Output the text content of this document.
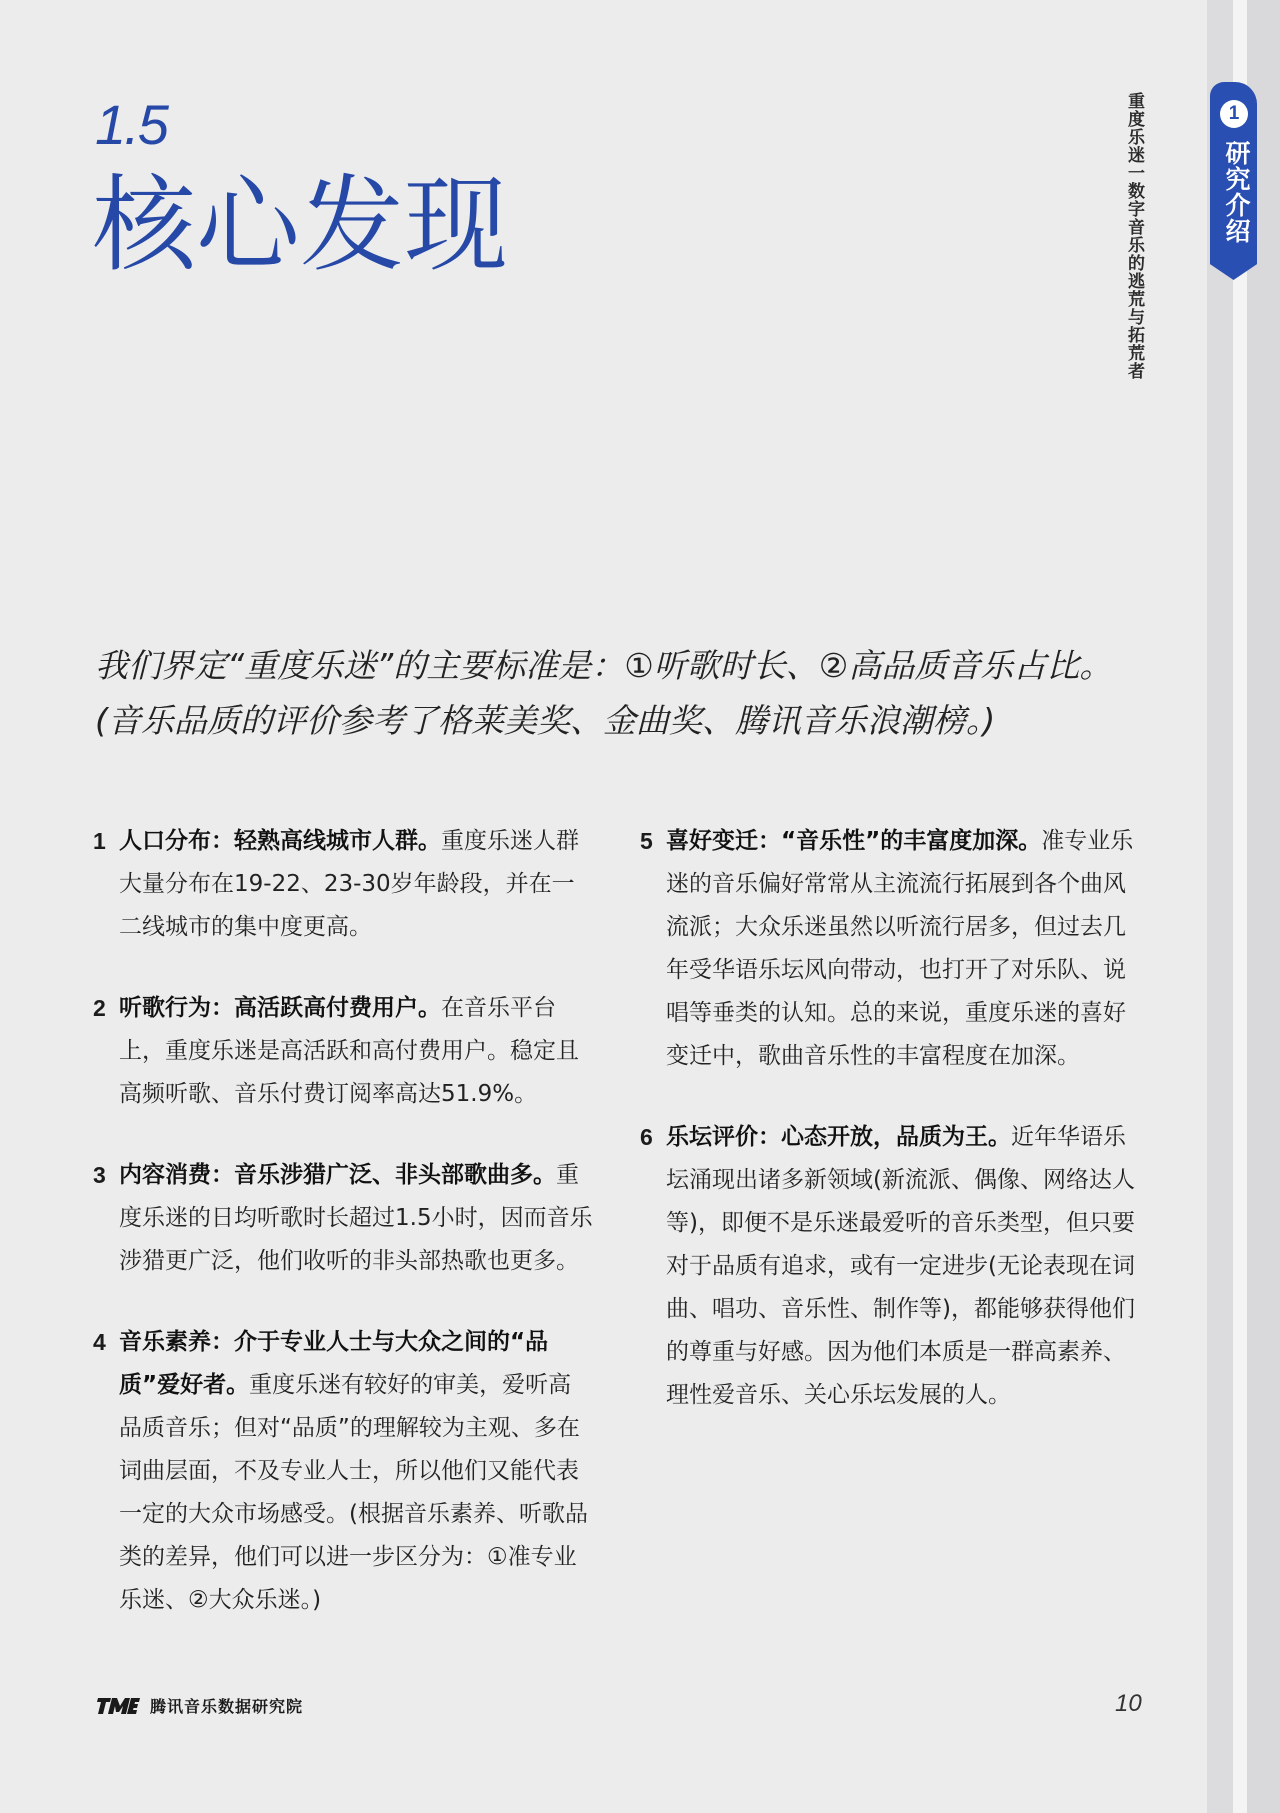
1.5
核心发现	重度乐迷一数字音乐的逃荒与拓荒者	1
研究介绍

我们界定“重度乐迷”的主要标准是：①听歌时长、②高品质音乐占比。

(音乐品质的评价参考了格莱美奖、金曲奖、腾讯音乐浪潮榜。)

1 人口分布：轻熟高线城市人群。重度乐迷人群大量分布在19-22、23-30岁年龄段，并在一二线城市的集中度更高。
2 听歌行为：高活跃高付费用户。在音乐平台上，重度乐迷是高活跃和高付费用户。稳定且高频听歌、音乐付费订阅率高达51.9%。
3 内容消费：音乐涉猎广泛、非头部歌曲多。重度乐迷的日均听歌时长超过1.5小时，因而音乐涉猎更广泛，他们收听的非头部热歌也更多。
4 音乐素养：介于专业人士与大众之间的“品质”爱好者。重度乐迷有较好的审美，爱听高品质音乐；但对“品质”的理解较为主观、多在词曲层面，不及专业人士，所以他们又能代表一定的大众市场感受。(根据音乐素养、听歌品类的差异，他们可以进一步区分为：①准专业乐迷、②大众乐迷。)
5 喜好变迁：“音乐性”的丰富度加深。准专业乐迷的音乐偏好常常从主流流行拓展到各个曲风流派；大众乐迷虽然以听流行居多，但过去几年受华语乐坛风向带动，也打开了对乐队、说唱等垂类的认知。总的来说，重度乐迷的喜好变迁中，歌曲音乐性的丰富程度在加深。
6 乐坛评价：心态开放，品质为王。近年华语乐坛涌现出诸多新领域(新流派、偶像、网络达人等)，即便不是乐迷最爱听的音乐类型，但只要对于品质有追求，或有一定进步(无论表现在词曲、唱功、音乐性、制作等)，都能够获得他们的尊重与好感。因为他们本质是一群高素养、理性爱音乐、关心乐坛发展的人。
腾讯音乐数据研究院	10
